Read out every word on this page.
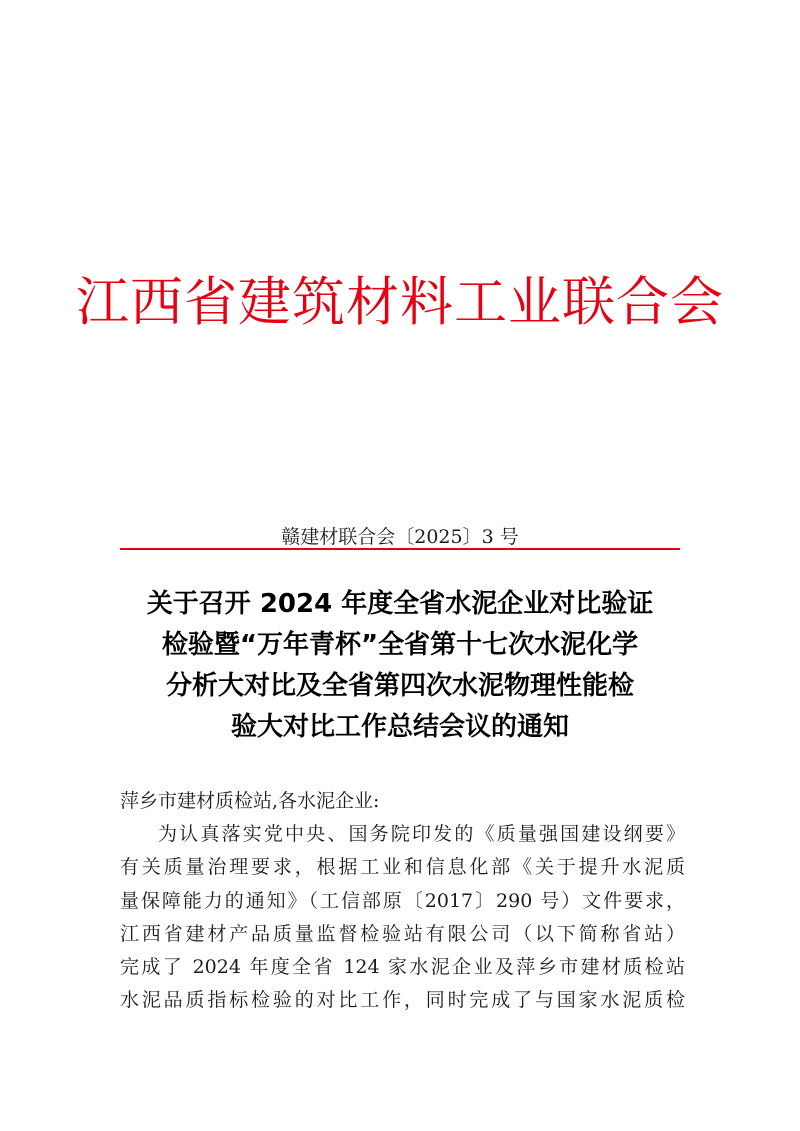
江西省建筑材料工业联合会
赣建材联合会〔2025〕3 号
关于召开 2024 年度全省水泥企业对比验证
检验暨“万年青杯”全省第十七次水泥化学
分析大对比及全省第四次水泥物理性能检
验大对比工作总结会议的通知
萍乡市建材质检站,各水泥企业:
为认真落实党中央、国务院印发的《质量强国建设纲要》
有关质量治理要求，根据工业和信息化部《关于提升水泥质
量保障能力的通知》（工信部原〔2017〕290 号）文件要求，
江西省建材产品质量监督检验站有限公司（以下简称省站）
完成了 2024 年度全省 124 家水泥企业及萍乡市建材质检站
水泥品质指标检验的对比工作，同时完成了与国家水泥质检
